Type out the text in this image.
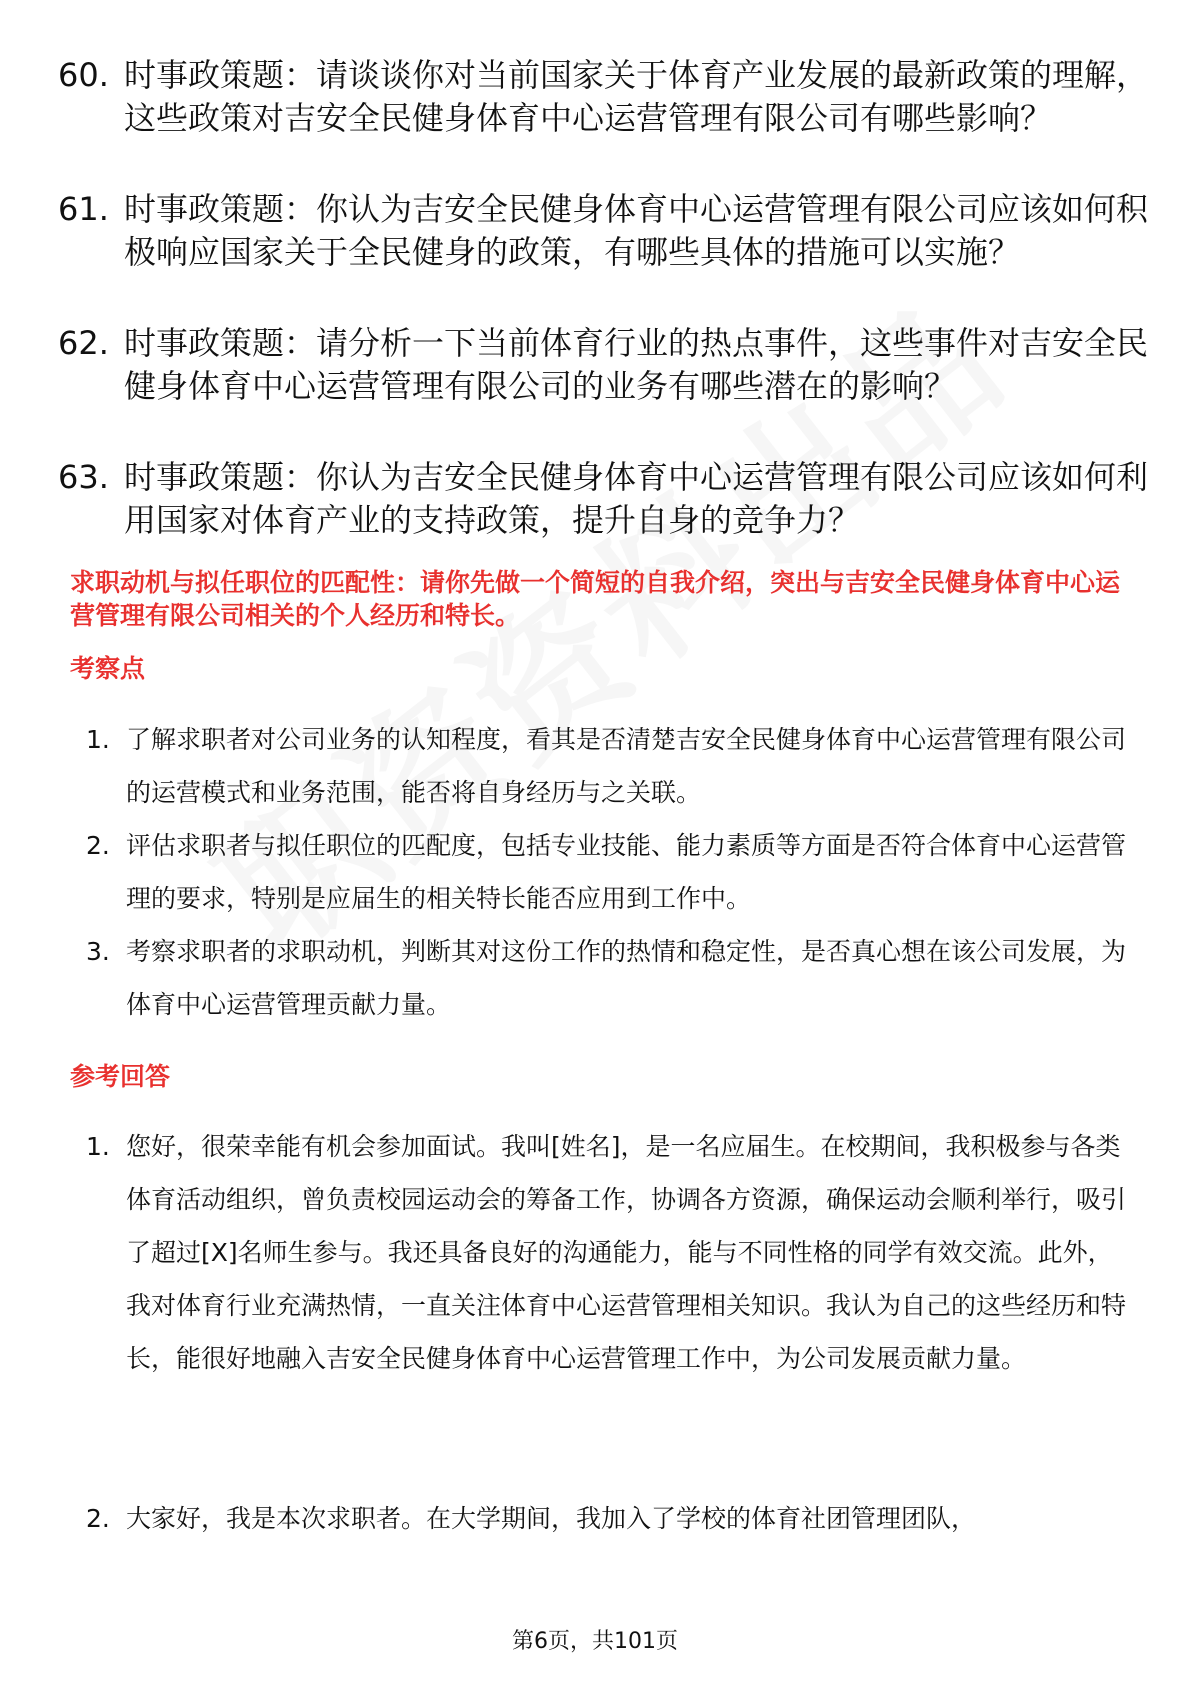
60. 时事政策题：请谈谈你对当前国家关于体育产业发展的最新政策的理解，这些政策对吉安全民健身体育中心运营管理有限公司有哪些影响？
61. 时事政策题：你认为吉安全民健身体育中心运营管理有限公司应该如何积极响应国家关于全民健身的政策，有哪些具体的措施可以实施？
62. 时事政策题：请分析一下当前体育行业的热点事件，这些事件对吉安全民健身体育中心运营管理有限公司的业务有哪些潜在的影响？
63. 时事政策题：你认为吉安全民健身体育中心运营管理有限公司应该如何利用国家对体育产业的支持政策，提升自身的竞争力？
求职动机与拟任职位的匹配性：请你先做一个简短的自我介绍，突出与吉安全民健身体育中心运营管理有限公司相关的个人经历和特长。
考察点
1. 了解求职者对公司业务的认知程度，看其是否清楚吉安全民健身体育中心运营管理有限公司的运营模式和业务范围，能否将自身经历与之关联。
2. 评估求职者与拟任职位的匹配度，包括专业技能、能力素质等方面是否符合体育中心运营管理的要求，特别是应届生的相关特长能否应用到工作中。
3. 考察求职者的求职动机，判断其对这份工作的热情和稳定性，是否真心想在该公司发展，为体育中心运营管理贡献力量。
参考回答
1. 您好，很荣幸能有机会参加面试。我叫[姓名]，是一名应届生。在校期间，我积极参与各类体育活动组织，曾负责校园运动会的筹备工作，协调各方资源，确保运动会顺利举行，吸引了超过[X]名师生参与。我还具备良好的沟通能力，能与不同性格的同学有效交流。此外，我对体育行业充满热情，一直关注体育中心运营管理相关知识。我认为自己的这些经历和特长，能很好地融入吉安全民健身体育中心运营管理工作中，为公司发展贡献力量。
2. 大家好，我是本次求职者。在大学期间，我加入了学校的体育社团管理团队，
第6页，共101页
